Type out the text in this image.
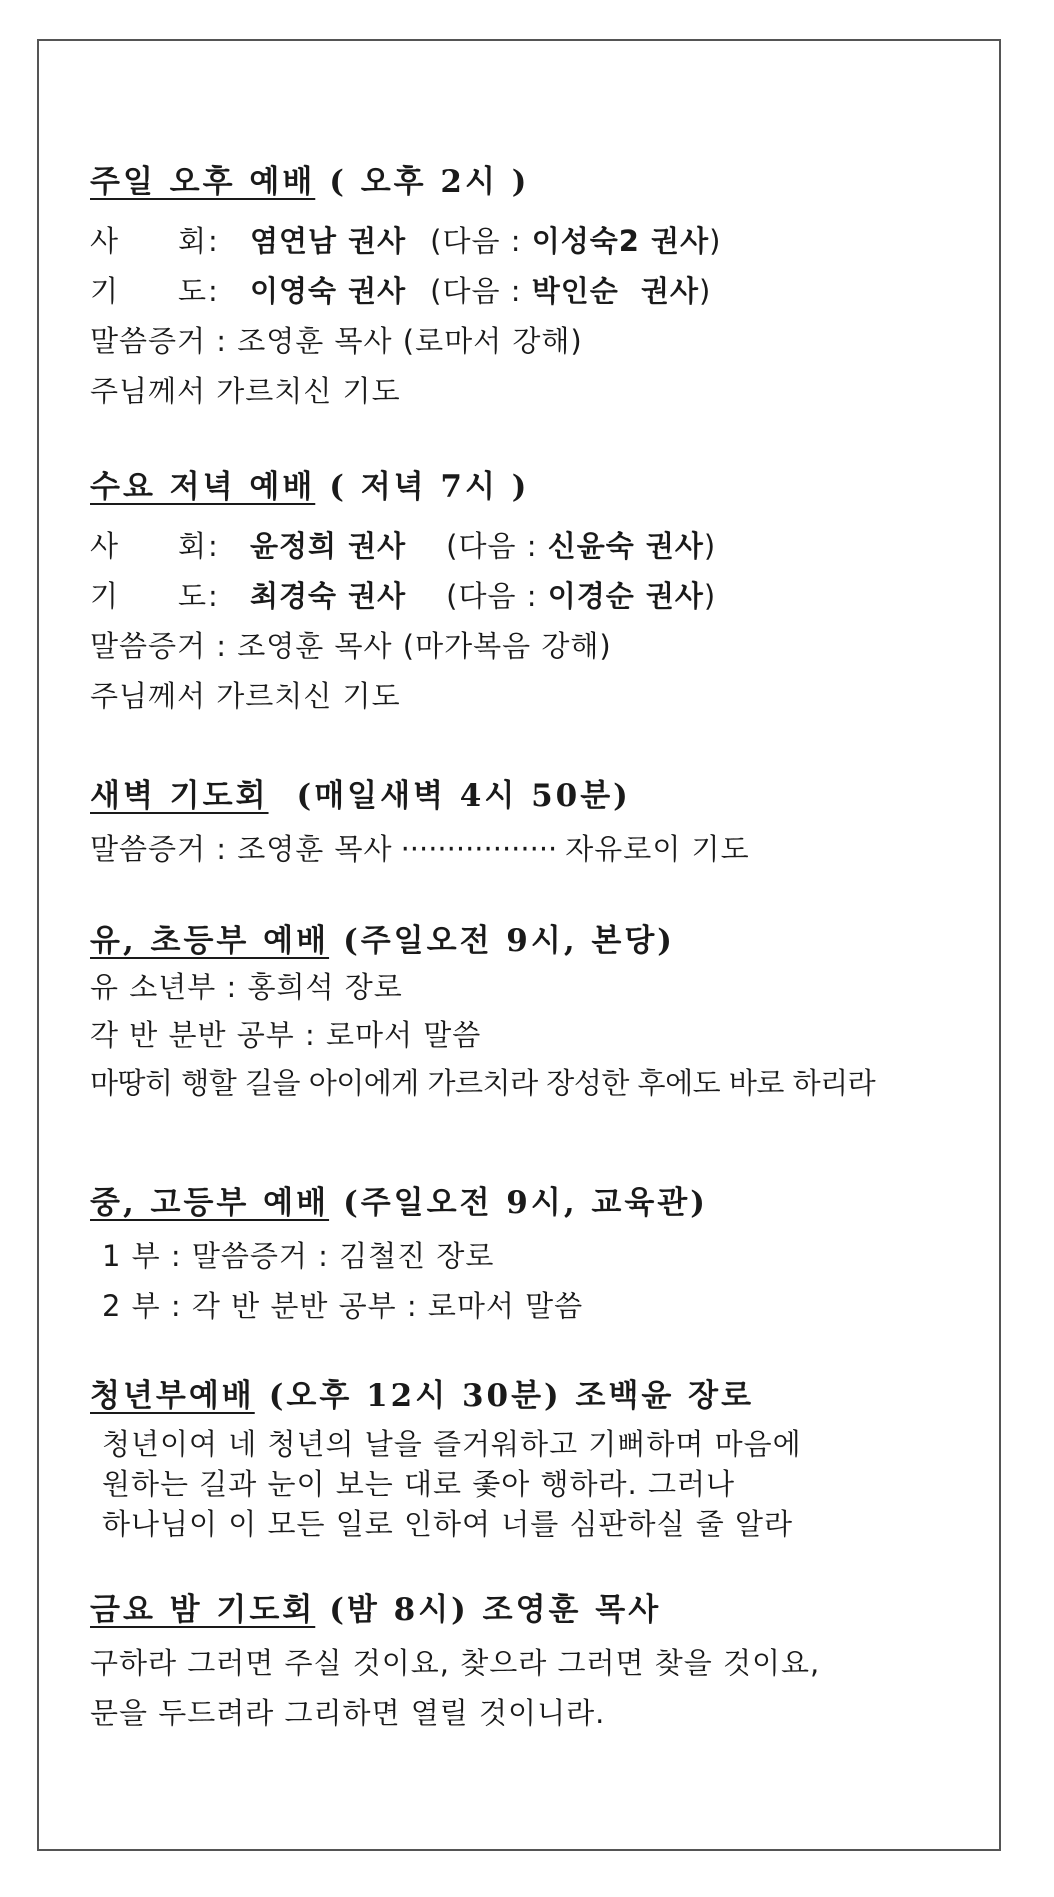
주일 오후 예배 ( 오후 2시 )
사 회: 염연남 권사 (다음 : 이성숙2 권사)
기 도: 이영숙 권사 (다음 : 박인순  권사)
말씀증거 : 조영훈 목사 (로마서 강해)
주님께서 가르치신 기도
수요 저녁 예배 ( 저녁 7시 )
사 회: 윤정희 권사 (다음 : 신윤숙 권사)
기 도: 최경숙 권사 (다음 : 이경순 권사)
말씀증거 : 조영훈 목사 (마가복음 강해)
주님께서 가르치신 기도
새벽 기도회 (매일새벽 4시 50분)
말씀증거 : 조영훈 목사 ················· 자유로이 기도
유, 초등부 예배 (주일오전 9시, 본당)
유 소년부 : 홍희석 장로
각 반 분반 공부 : 로마서 말씀
마땅히 행할 길을 아이에게 가르치라 장성한 후에도 바로 하리라
중, 고등부 예배 (주일오전 9시, 교육관)
1 부 : 말씀증거 : 김철진 장로
2 부 : 각 반 분반 공부 : 로마서 말씀
청년부예배 (오후 12시 30분) 조백윤 장로
청년이여 네 청년의 날을 즐거워하고 기뻐하며 마음에
원하는 길과 눈이 보는 대로 좇아 행하라. 그러나
하나님이 이 모든 일로 인하여 너를 심판하실 줄 알라
금요 밤 기도회 (밤 8시) 조영훈 목사
구하라 그러면 주실 것이요, 찾으라 그러면 찾을 것이요,
문을 두드려라 그리하면 열릴 것이니라.
